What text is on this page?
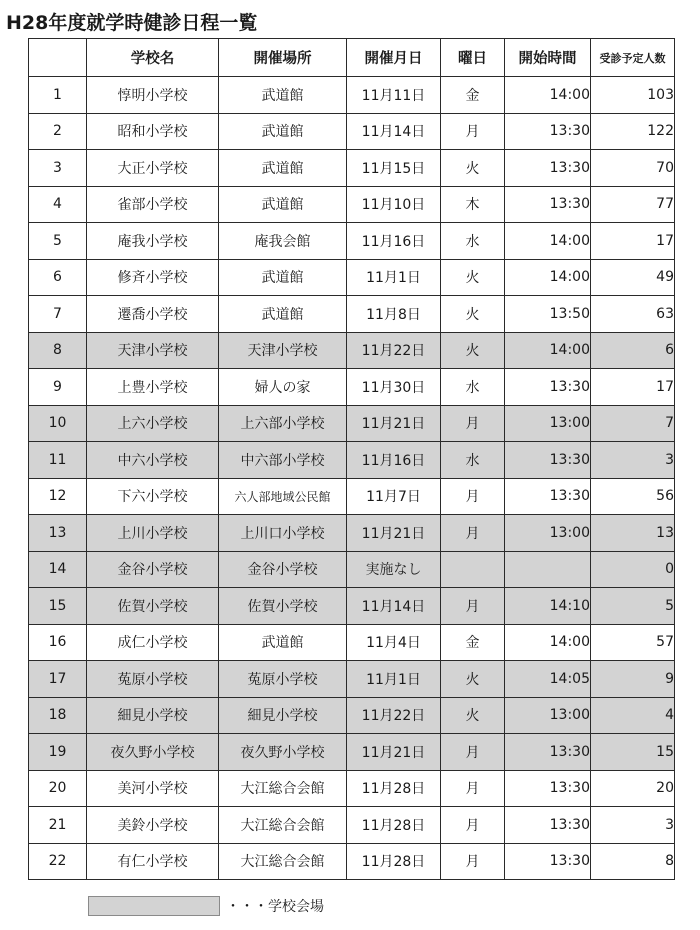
H28年度就学時健診日程一覧
	学校名	開催場所	開催月日	曜日	開始時間	受診予定人数
1	惇明小学校	武道館	11月11日	金	14:00	103
2	昭和小学校	武道館	11月14日	月	13:30	122
3	大正小学校	武道館	11月15日	火	13:30	70
4	雀部小学校	武道館	11月10日	木	13:30	77
5	庵我小学校	庵我会館	11月16日	水	14:00	17
6	修斉小学校	武道館	11月1日	火	14:00	49
7	遷喬小学校	武道館	11月8日	火	13:50	63
8	天津小学校	天津小学校	11月22日	火	14:00	6
9	上豊小学校	婦人の家	11月30日	水	13:30	17
10	上六小学校	上六部小学校	11月21日	月	13:00	7
11	中六小学校	中六部小学校	11月16日	水	13:30	3
12	下六小学校	六人部地域公民館	11月7日	月	13:30	56
13	上川小学校	上川口小学校	11月21日	月	13:00	13
14	金谷小学校	金谷小学校	実施なし			0
15	佐賀小学校	佐賀小学校	11月14日	月	14:10	5
16	成仁小学校	武道館	11月4日	金	14:00	57
17	菟原小学校	菟原小学校	11月1日	火	14:05	9
18	細見小学校	細見小学校	11月22日	火	13:00	4
19	夜久野小学校	夜久野小学校	11月21日	月	13:30	15
20	美河小学校	大江総合会館	11月28日	月	13:30	20
21	美鈴小学校	大江総合会館	11月28日	月	13:30	3
22	有仁小学校	大江総合会館	11月28日	月	13:30	8
・・・学校会場
